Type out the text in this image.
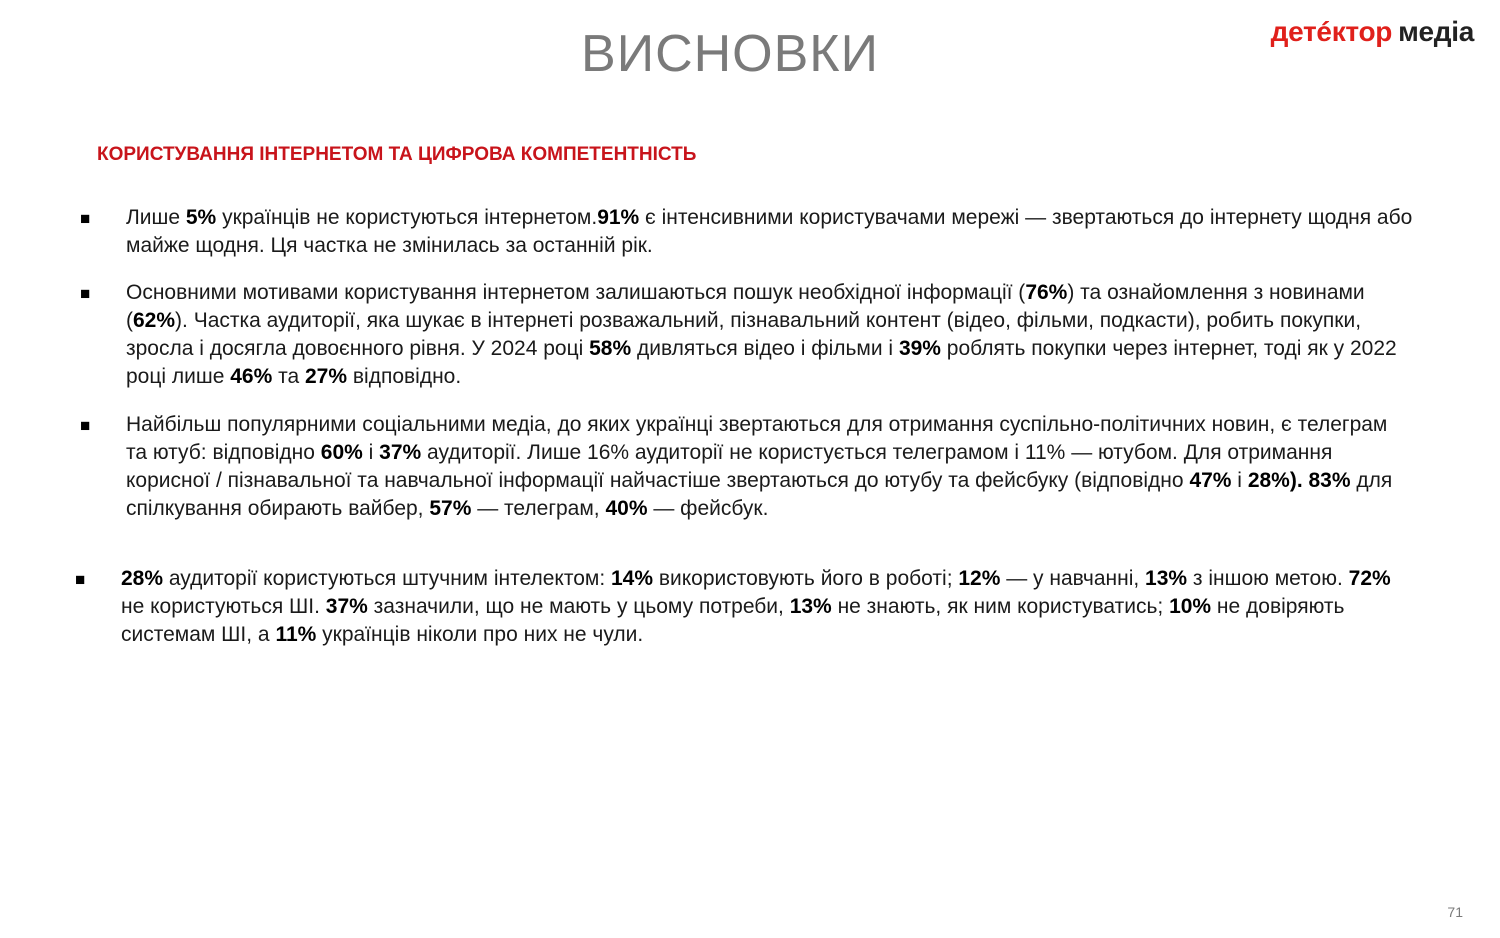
ВИСНОВКИ	детéктор медіа
КОРИСТУВАННЯ ІНТЕРНЕТОМ ТА ЦИФРОВА КОМПЕТЕНТНІСТЬ
■ Лише 5% українців не користуються інтернетом.91% є інтенсивними користувачами мережі — звертаються до інтернету щодня або майже щодня. Ця частка не змінилась за останній рік.
■ Основними мотивами користування інтернетом залишаються пошук необхідної інформації (76%) та ознайомлення з новинами (62%). Частка аудиторії, яка шукає в інтернеті розважальний, пізнавальний контент (відео, фільми, подкасти), робить покупки, зросла і досягла довоєнного рівня. У 2024 році 58% дивляться відео і фільми і 39% роблять покупки через інтернет, тоді як у 2022 році лише 46% та 27% відповідно.
■ Найбільш популярними соціальними медіа, до яких українці звертаються для отримання суспільно-політичних новин, є телеграм та ютуб: відповідно 60% і 37% аудиторії. Лише 16% аудиторії не користується телеграмом і 11% — ютубом. Для отримання корисної / пізнавальної та навчальної інформації найчастіше звертаються до ютубу та фейсбуку (відповідно 47% і 28%). 83% для спілкування обирають вайбер, 57% — телеграм, 40% — фейсбук.
■ 28% аудиторії користуються штучним інтелектом: 14% використовують його в роботі; 12% — у навчанні, 13% з іншою метою. 72% не користуються ШІ. 37% зазначили, що не мають у цьому потреби, 13% не знають, як ним користуватись; 10% не довіряють системам ШІ, а 11% українців ніколи про них не чули.
71
